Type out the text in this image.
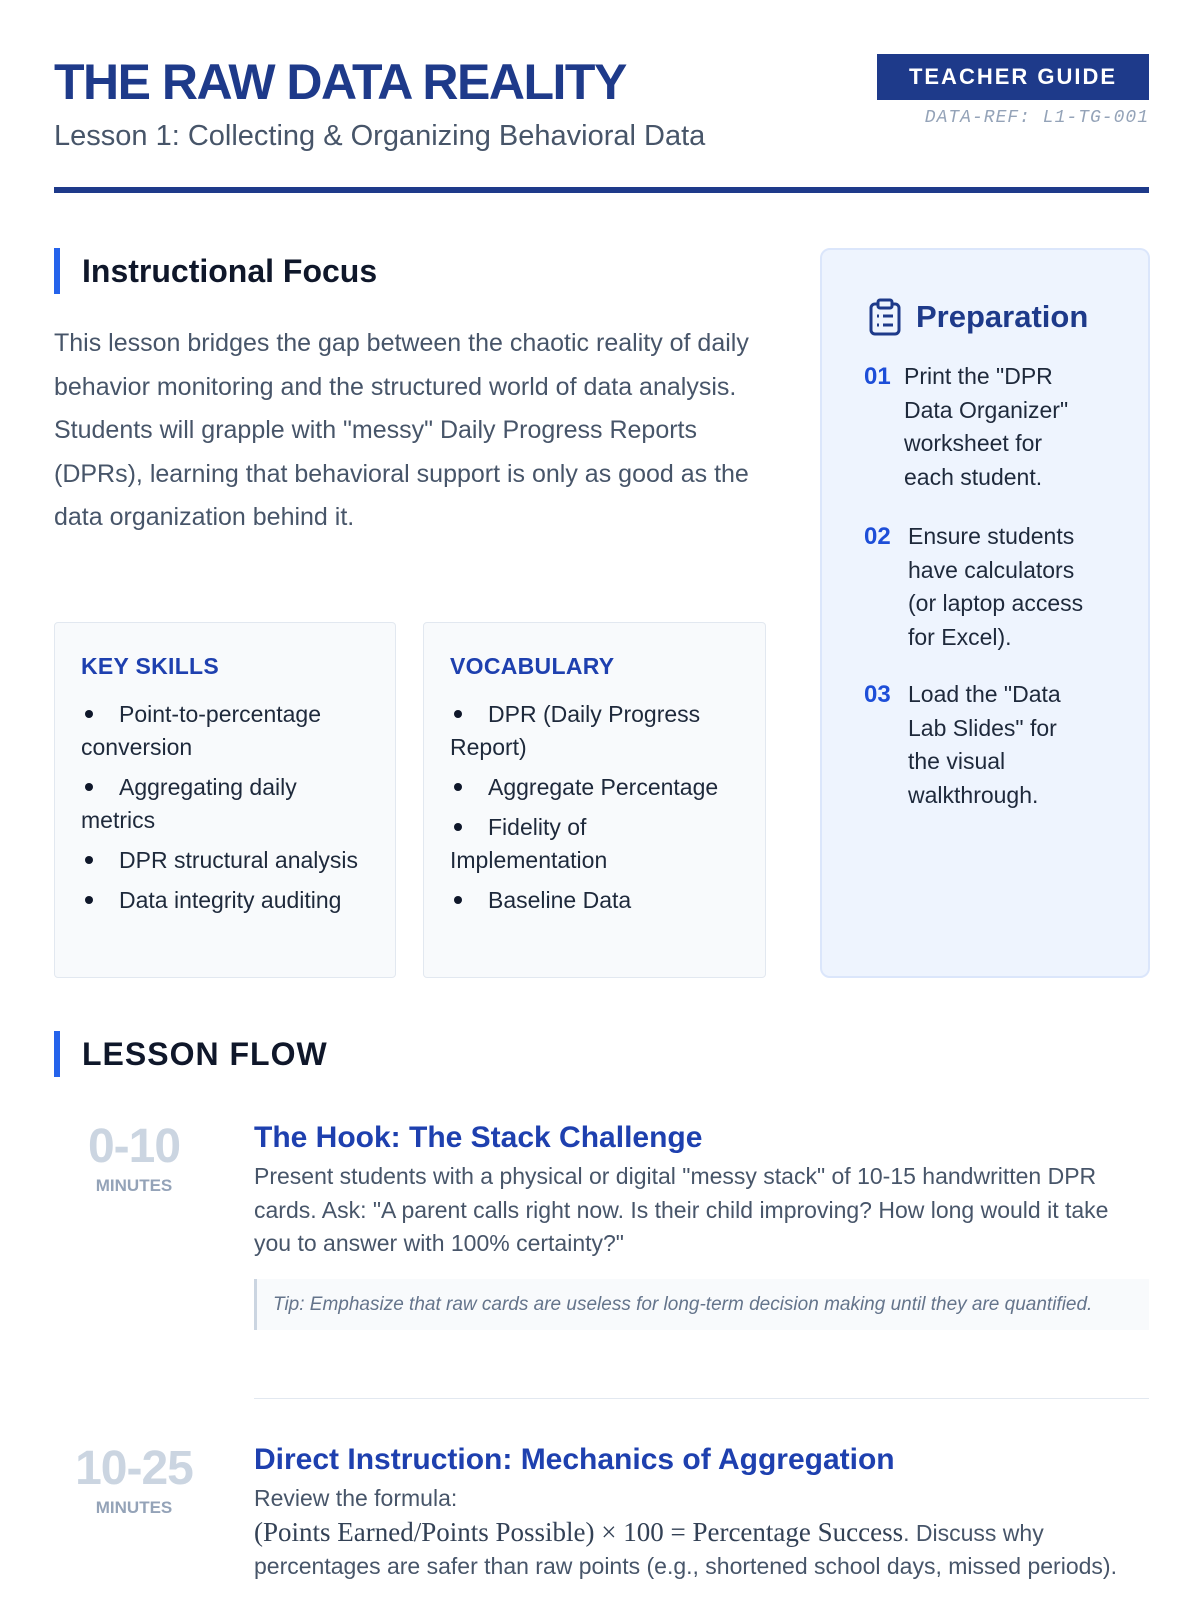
THE RAW DATA REALITY
Lesson 1: Collecting & Organizing Behavioral Data
TEACHER GUIDE
DATA-REF: L1-TG-001
Instructional Focus

This lesson bridges the gap between the chaotic reality of daily behavior monitoring and the structured world of data analysis. Students will grapple with "messy" Daily Progress Reports (DPRs), learning that behavioral support is only as good as the data organization behind it.

KEY SKILLS
Point-to-percentage conversion
Aggregating daily metrics
DPR structural analysis
Data integrity auditing
VOCABULARY
DPR (Daily Progress Report)
Aggregate Percentage
Fidelity of Implementation
Baseline Data
Preparation
01 Print the "DPR Data Organizer" worksheet for each student.
02 Ensure students have calculators (or laptop access for Excel).
03 Load the "Data Lab Slides" for the visual walkthrough.
LESSON FLOW
0-10
MINUTES
The Hook: The Stack Challenge

Present students with a physical or digital "messy stack" of 10-15 handwritten DPR cards. Ask: "A parent calls right now. Is their child improving? How long would it take you to answer with 100% certainty?"

Tip: Emphasize that raw cards are useless for long-term decision making until they are quantified.
10-25
MINUTES
Direct Instruction: Mechanics of Aggregation

Review the formula:
(Points Earned/Points Possible) × 100 = Percentage Success. Discuss why percentages are safer than raw points (e.g., shortened school days, missed periods).
